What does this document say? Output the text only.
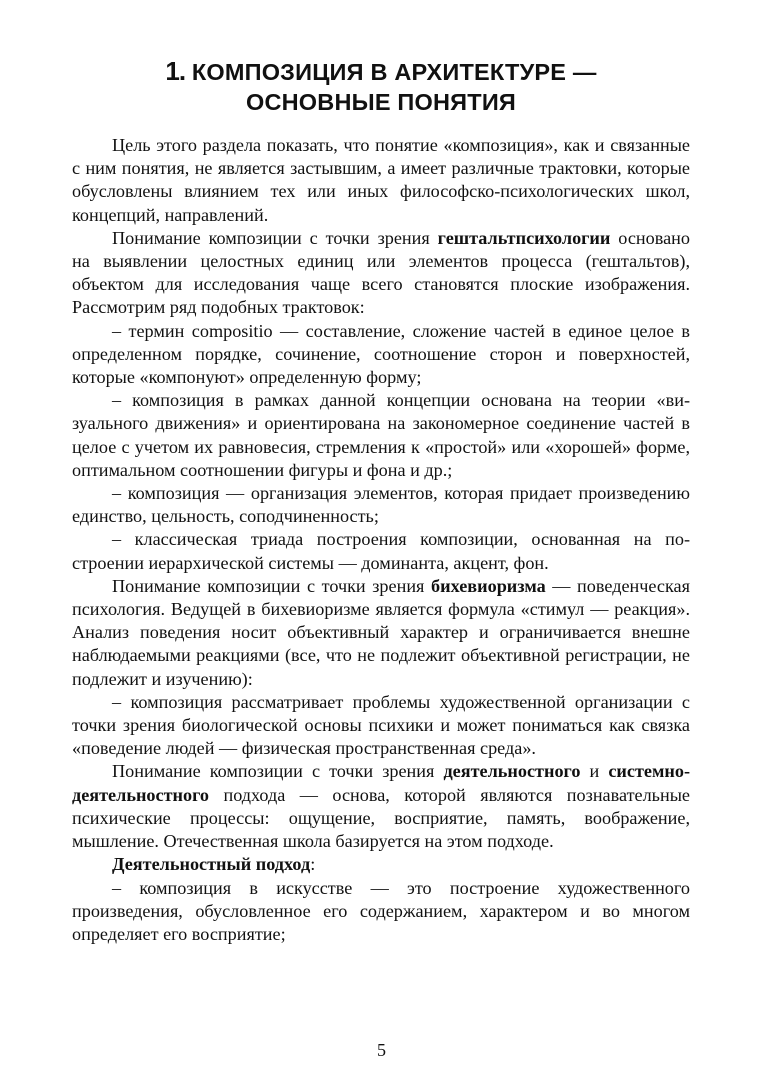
1. КОМПОЗИЦИЯ В АРХИТЕКТУРЕ —
ОСНОВНЫЕ ПОНЯТИЯ

Цель этого раздела показать, что понятие «композиция», как и связанные с ним понятия, не является застывшим, а имеет различные трактовки, которые обусловлены влиянием тех или иных философско-психологических школ, концепций, направлений.

Понимание композиции с точки зрения гештальтпсихологии основано на выявлении целостных единиц или элементов процесса (гештальтов), объектом для исследования чаще всего становятся плоские изображения. Рассмотрим ряд подобных трактовок:

– термин compositio — составление, сложение частей в единое целое в определенном порядке, сочинение, соотношение сторон и поверхностей, которые «компонуют» определенную форму;

– композиция в рамках данной концепции основана на теории «визуального движения» и ориентирована на закономерное соединение частей в целое с учетом их равновесия, стремления к «простой» или «хорошей» форме, оптимальном соотношении фигуры и фона и др.;

– композиция — организация элементов, которая придает произведению единство, цельность, соподчиненность;

– классическая триада построения композиции, основанная на построении иерархической системы — доминанта, акцент, фон.

Понимание композиции с точки зрения бихевиоризма — поведенческая психология. Ведущей в бихевиоризме является формула «стимул — реакция». Анализ поведения носит объективный характер и ограничивается внешне наблюдаемыми реакциями (все, что не подлежит объективной регистрации, не подлежит и изучению):

– композиция рассматривает проблемы художественной организации с точки зрения биологической основы психики и может пониматься как связка «поведение людей — физическая пространственная среда».

Понимание композиции с точки зрения деятельностного и системно-деятельностного подхода — основа, которой являются познавательные психические процессы: ощущение, восприятие, память, воображение, мышление. Отечественная школа базируется на этом подходе.

Деятельностный подход:

– композиция в искусстве — это построение художественного произведения, обусловленное его содержанием, характером и во многом определяет его восприятие;

5
